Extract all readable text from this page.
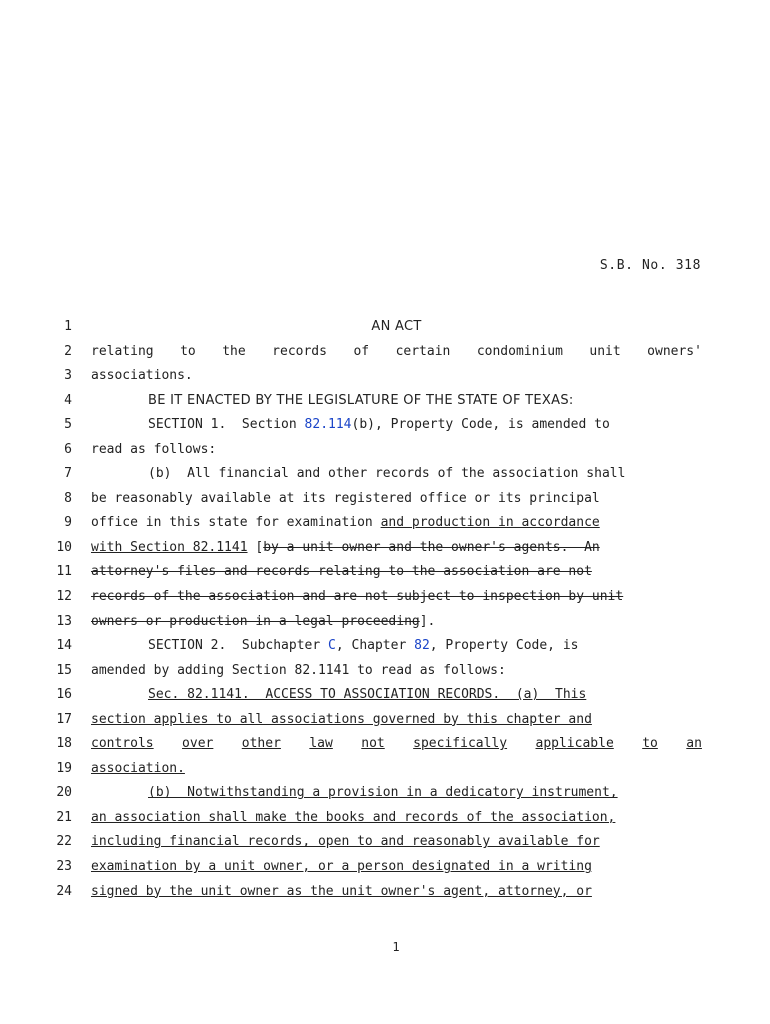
S.B. No. 318
1	AN ACT
2 relating to the records of certain condominium unit owners'
3 associations.
4	BE IT ENACTED BY THE LEGISLATURE OF THE STATE OF TEXAS:
5	SECTION 1.  Section 82.114(b), Property Code, is amended to
6 read as follows:
7	(b)  All financial and other records of the association shall
8 be reasonably available at its registered office or its principal
9 office in this state for examination and production in accordance
10 with Section 82.1141 [by a unit owner and the owner's agents.  An
11 attorney's files and records relating to the association are not
12 records of the association and are not subject to inspection by unit
13 owners or production in a legal proceeding].
14	SECTION 2.  Subchapter C, Chapter 82, Property Code, is
15 amended by adding Section 82.1141 to read as follows:
16	Sec. 82.1141.  ACCESS TO ASSOCIATION RECORDS.  (a)  This
17 section applies to all associations governed by this chapter and
18 controls over other law not specifically applicable to an
19 association.
20	(b)  Notwithstanding a provision in a dedicatory instrument,
21 an association shall make the books and records of the association,
22 including financial records, open to and reasonably available for
23 examination by a unit owner, or a person designated in a writing
24 signed by the unit owner as the unit owner's agent, attorney, or
1
